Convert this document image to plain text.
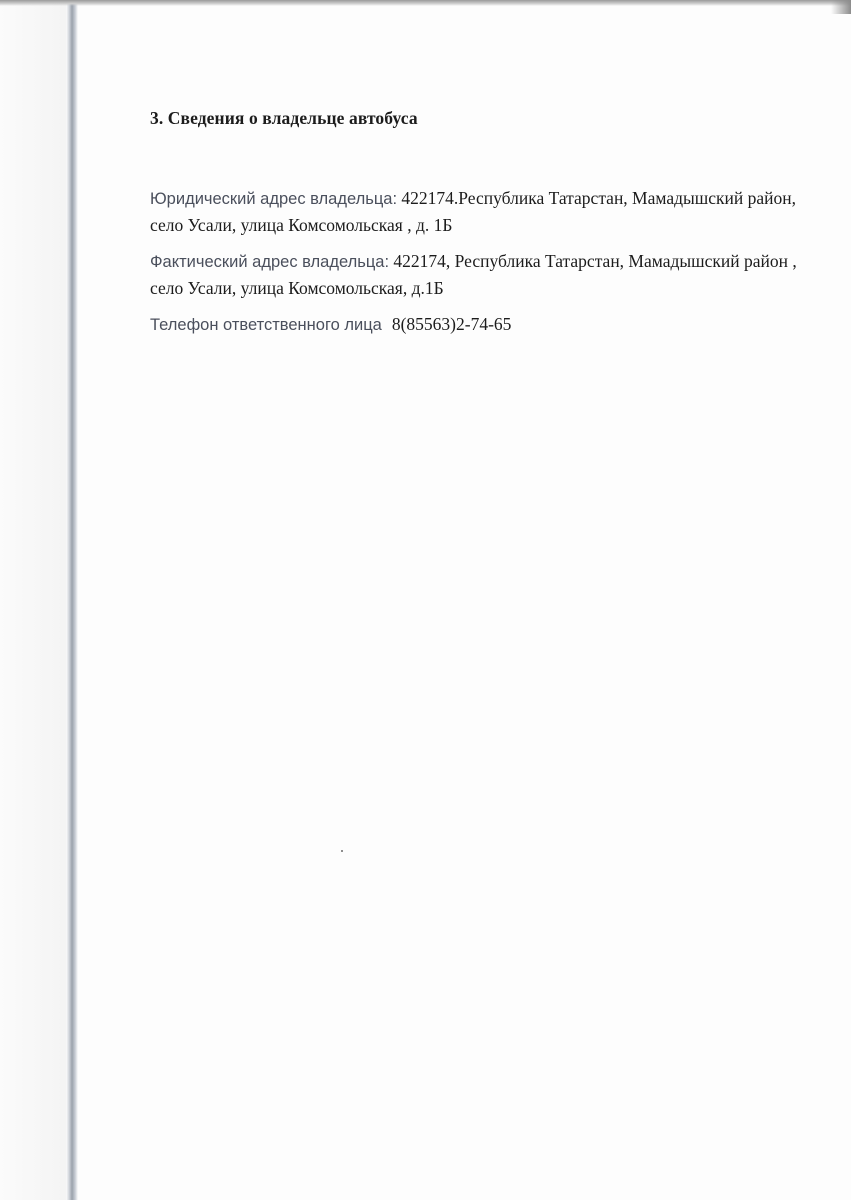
3. Сведения о владельце автобуса
Юридический адрес владельца: 422174.Республика Татарстан, Мамадышский район, село Усали, улица Комсомольская , д. 1Б
Фактический адрес владельца: 422174, Республика Татарстан, Мамадышский район , село Усали, улица Комсомольская, д.1Б
Телефон ответственного лица 8(85563)2-74-65
